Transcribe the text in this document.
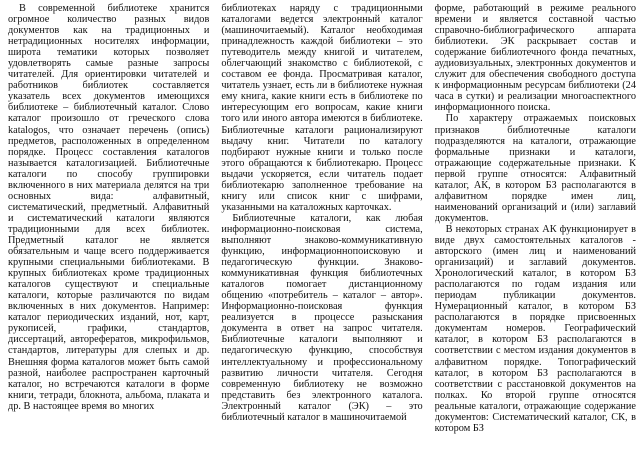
В современной библиотеке хранится огромное количество разных видов документов как на традиционных и нетрадиционных носителях информации, широта тематики которых позволяет удовлетворять самые разные запросы читателей. Для ориентировки читателей и работников библиотек составляется указатель всех документов имеющихся библиотеке – библиотечный каталог. Слово каталог произошло от греческого слова katalogos, что означает перечень (опись) предметов, расположенных в определенном порядке. Процесс составления каталогов называется каталогизацией. Библиотечные каталоги по способу группировки включенного в них материала делятся на три основных вида: алфавитный, систематический, предметный. Алфавитный и систематический каталоги являются традиционными для всех библиотек. Предметный каталог не является обязательным и чаще всего поддерживается крупными специальными библиотеками. В крупных библиотеках кроме традиционных каталогов существуют и специальные каталоги, которые различаются по видам включенных в них документов. Например: каталог периодических изданий, нот, карт, рукописей, графики, стандартов, диссертаций, авторефератов, микрофильмов, стандартов, литературы для слепых и др. Внешняя форма каталогов может быть самой разной, наиболее распространен карточный каталог, но встречаются каталоги в форме книги, тетради, блокнота, альбома, плаката и др. В настоящее время во многих

библиотеках наряду с традиционными каталогами ведется электронный каталог (машиночитаемый). Каталог необходимая принадлежность каждой библиотеки – это путеводитель между книгой и читателем, облегчающий знакомство с библиотекой, с составом ее фонда. Просматривая каталог, читатель узнает, есть ли в библиотеке нужная ему книга, какие книги есть в библиотеке по интересующим его вопросам, какие книги того или иного автора имеются в библиотеке. Библиотечные каталоги рационализируют выдачу книг. Читатели по каталогу подбирают нужные книги и только после этого обращаются к библиотекарю. Процесс выдачи ускоряется, если читатель подает библиотекарю заполненное требование на книгу или список книг с шифрами, указанными на каталожных карточках.

Библиотечные каталоги, как любая информационно-поисковая система, выполняют знаково-коммуникативную функцию, информационнопоисковую и педагогическую функции. Знаково-коммуникативная функция библиотечных каталогов помогает дистанционному общению «потребитель – каталог – автор». Информационно-поисковая функция реализуется в процессе разыскания документа в ответ на запрос читателя. Библиотечные каталоги выполняют и педагогическую функцию, способствуя интеллектуальному и профессиональному развитию личности читателя. Сегодня современную библиотеку не возможно представить без электронного каталога. Электронный каталог (ЭК) – это библиотечный каталог в машиночитаемой

форме, работающий в режиме реального времени и является составной частью справочно-библиографического аппарата библиотеки. ЭК раскрывает состав и содержание библиотечного фонда печатных, аудиовизуальных, электронных документов и служит для обеспечения свободного доступа к информационным ресурсам библиотеки (24 часа в сутки) и реализации многоаспектного информационного поиска.

По характеру отражаемых поисковых признаков библиотечные каталоги подразделяются на каталоги, отражающие формальные признаки и каталоги, отражающие содержательные признаки. К первой группе относятся: Алфавитный каталог, АК, в котором БЗ располагаются в алфавитном порядке имен лиц, наименований организаций и (или) заглавий документов.

В некоторых странах АК функционирует в виде двух самостоятельных каталогов - авторского (имен лиц и наименований организаций) и заглавий документов. Хронологический каталог, в котором БЗ располагаются по годам издания или периодам публикации документов. Нумерационный каталог, в котором БЗ располагаются в порядке присвоенных документам номеров. Географический каталог, в котором БЗ располагаются в соответствии с местом издания документов в алфавитном порядке. Топографический каталог, в котором БЗ располагаются в соответствии с расстановкой документов на полках. Ко второй группе относятся реальные каталоги, отражающие содержание документов: Систематический каталог, СК, в котором БЗ
